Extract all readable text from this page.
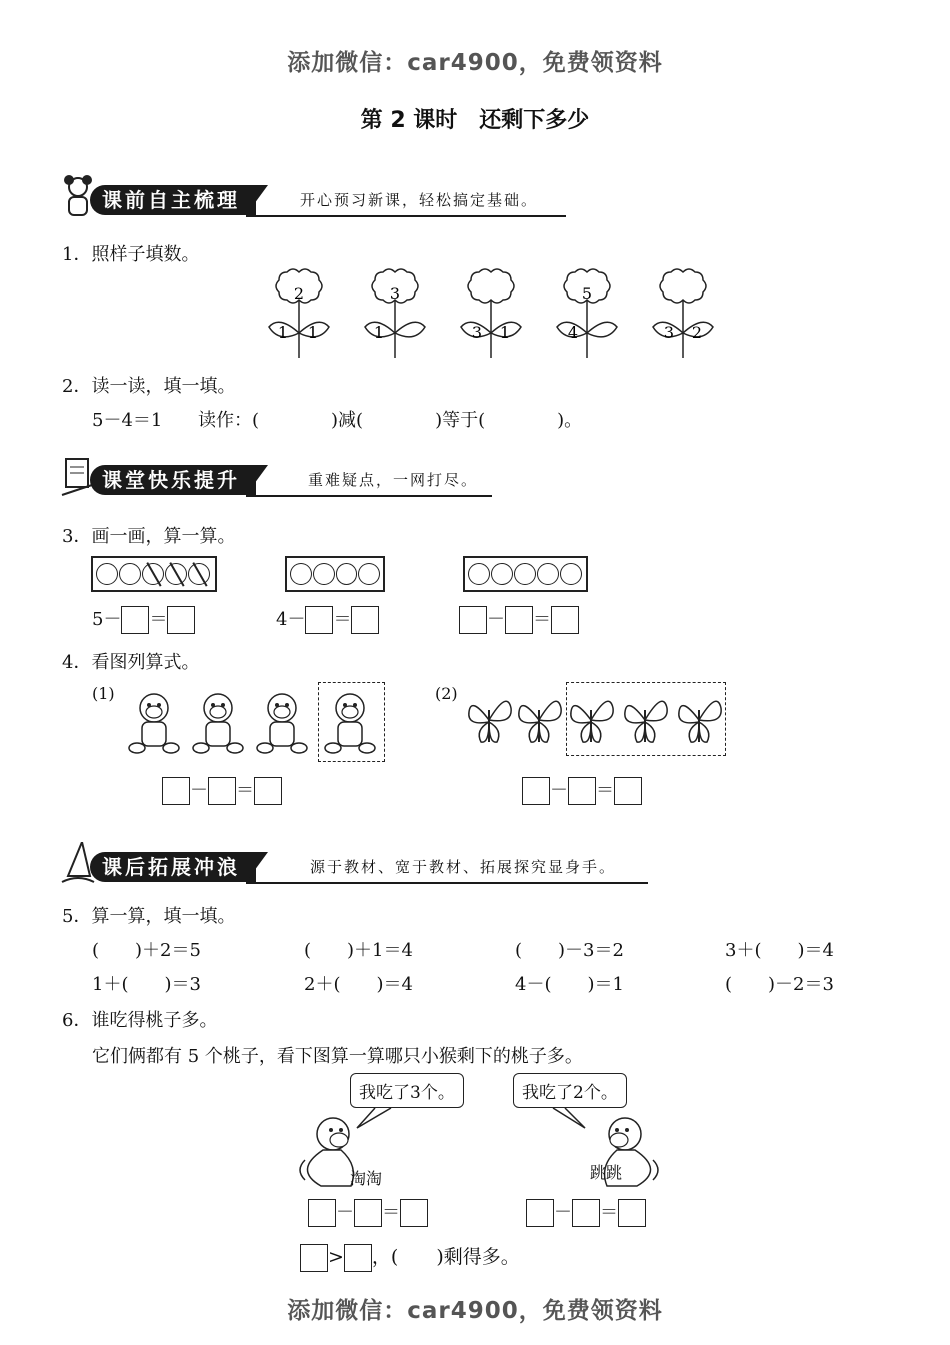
添加微信：car4900，免费领资料
第 2 课时　还剩下多少
课前自主梳理	开心预习新课，轻松搞定基础。
1．照样子填数。
2
1 1
3
1	3 1
5
4	3 2
2．读一读，填一填。
5－4＝1 读作：(　　　　)减(　　　　)等于(　　　　)。
课堂快乐提升	重难疑点，一网打尽。
3．画一画，算一算。
5－ ＝	4－ ＝	－ ＝
4．看图列算式。
(1)	(2)
－ ＝	－ ＝
课后拓展冲浪	源于教材、宽于教材、拓展探究显身手。
5．算一算，填一填。
(　　)＋2＝5	(　　)＋1＝4	(　　)－3＝2	3＋(　　)＝4
1＋(　　)＝3	2＋(　　)＝4	4－(　　)＝1	(　　)－2＝3
6．谁吃得桃子多。
它们俩都有 5 个桃子，看下图算一算哪只小猴剩下的桃子多。
我吃了3个。	我吃了2个。
淘淘	跳跳
－ ＝	－ ＝
> ，(　　)剩得多。
添加微信：car4900，免费领资料
